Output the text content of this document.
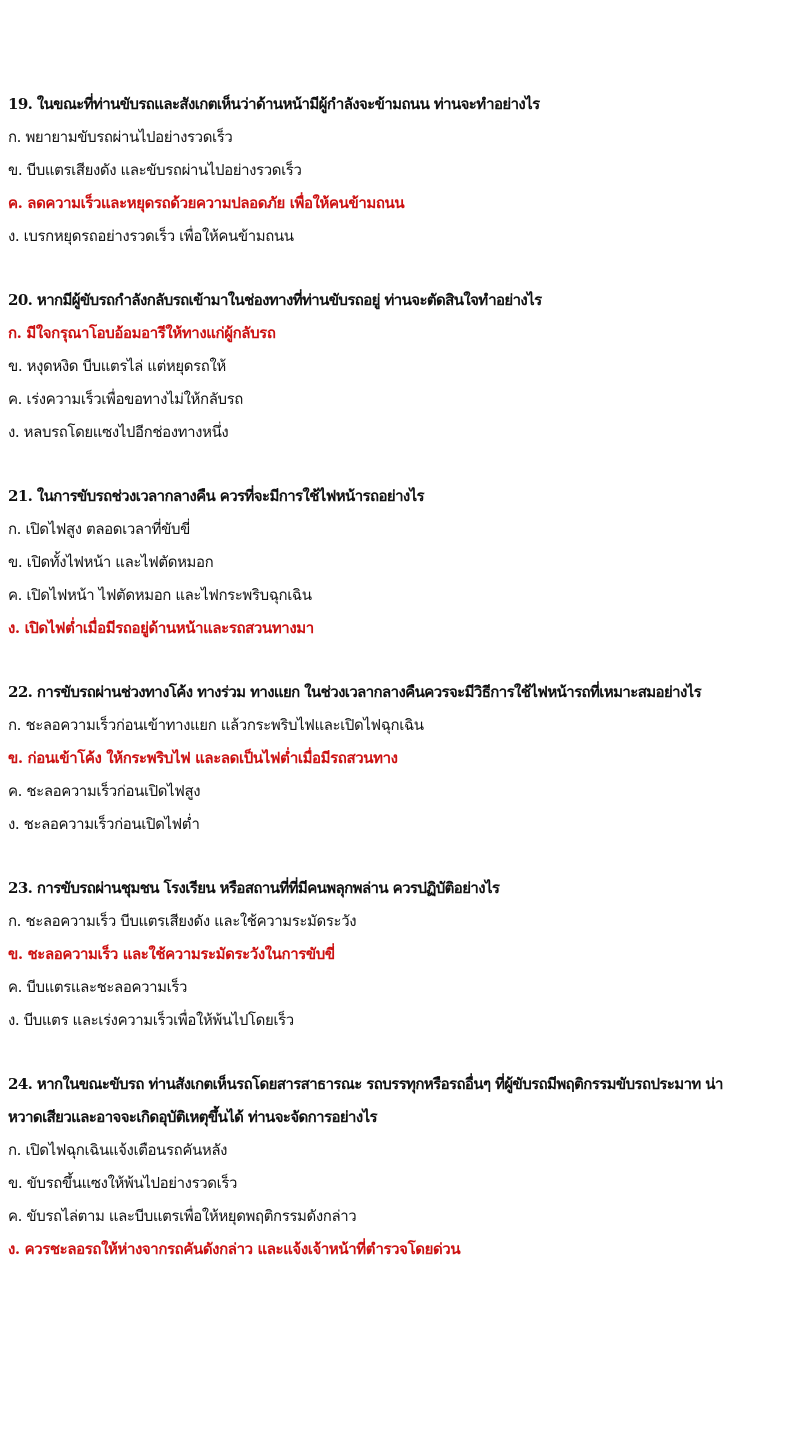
19. ในขณะที่ท่านขับรถและสังเกตเห็นว่าด้านหน้ามีผู้กำลังจะข้ามถนน ท่านจะทำอย่างไร
ก. พยายามขับรถผ่านไปอย่างรวดเร็ว
ข. บีบแตรเสียงดัง และขับรถผ่านไปอย่างรวดเร็ว
ค. ลดความเร็วและหยุดรถด้วยความปลอดภัย เพื่อให้คนข้ามถนน
ง. เบรกหยุดรถอย่างรวดเร็ว เพื่อให้คนข้ามถนน
20. หากมีผู้ขับรถกำลังกลับรถเข้ามาในช่องทางที่ท่านขับรถอยู่ ท่านจะตัดสินใจทำอย่างไร
ก. มีใจกรุณาโอบอ้อมอารีให้ทางแก่ผู้กลับรถ
ข. หงุดหงิด บีบแตรไล่ แต่หยุดรถให้
ค. เร่งความเร็วเพื่อขอทางไม่ให้กลับรถ
ง. หลบรถโดยแซงไปอีกช่องทางหนึ่ง
21. ในการขับรถช่วงเวลากลางคืน ควรที่จะมีการใช้ไฟหน้ารถอย่างไร
ก. เปิดไฟสูง ตลอดเวลาที่ขับขี่
ข. เปิดทั้งไฟหน้า และไฟตัดหมอก
ค. เปิดไฟหน้า ไฟตัดหมอก และไฟกระพริบฉุกเฉิน
ง. เปิดไฟต่ำเมื่อมีรถอยู่ด้านหน้าและรถสวนทางมา
22. การขับรถผ่านช่วงทางโค้ง ทางร่วม ทางแยก ในช่วงเวลากลางคืนควรจะมีวิธีการใช้ไฟหน้ารถที่เหมาะสมอย่างไร
ก. ชะลอความเร็วก่อนเข้าทางแยก แล้วกระพริบไฟและเปิดไฟฉุกเฉิน
ข. ก่อนเข้าโค้ง ให้กระพริบไฟ และลดเป็นไฟต่ำเมื่อมีรถสวนทาง
ค. ชะลอความเร็วก่อนเปิดไฟสูง
ง. ชะลอความเร็วก่อนเปิดไฟต่ำ
23. การขับรถผ่านชุมชน โรงเรียน หรือสถานที่ที่มีคนพลุกพล่าน ควรปฏิบัติอย่างไร
ก. ชะลอความเร็ว บีบแตรเสียงดัง และใช้ความระมัดระวัง
ข. ชะลอความเร็ว และใช้ความระมัดระวังในการขับขี่
ค. บีบแตรและชะลอความเร็ว
ง. บีบแตร และเร่งความเร็วเพื่อให้พ้นไปโดยเร็ว
24. หากในขณะขับรถ ท่านสังเกตเห็นรถโดยสารสาธารณะ รถบรรทุกหรือรถอื่นๆ ที่ผู้ขับรถมีพฤติกรรมขับรถประมาท น่า
หวาดเสียวและอาจจะเกิดอุบัติเหตุขึ้นได้ ท่านจะจัดการอย่างไร
ก. เปิดไฟฉุกเฉินแจ้งเตือนรถคันหลัง
ข. ขับรถขึ้นแซงให้พ้นไปอย่างรวดเร็ว
ค. ขับรถไล่ตาม และบีบแตรเพื่อให้หยุดพฤติกรรมดังกล่าว
ง. ควรชะลอรถให้ห่างจากรถคันดังกล่าว และแจ้งเจ้าหน้าที่ตำรวจโดยด่วน
